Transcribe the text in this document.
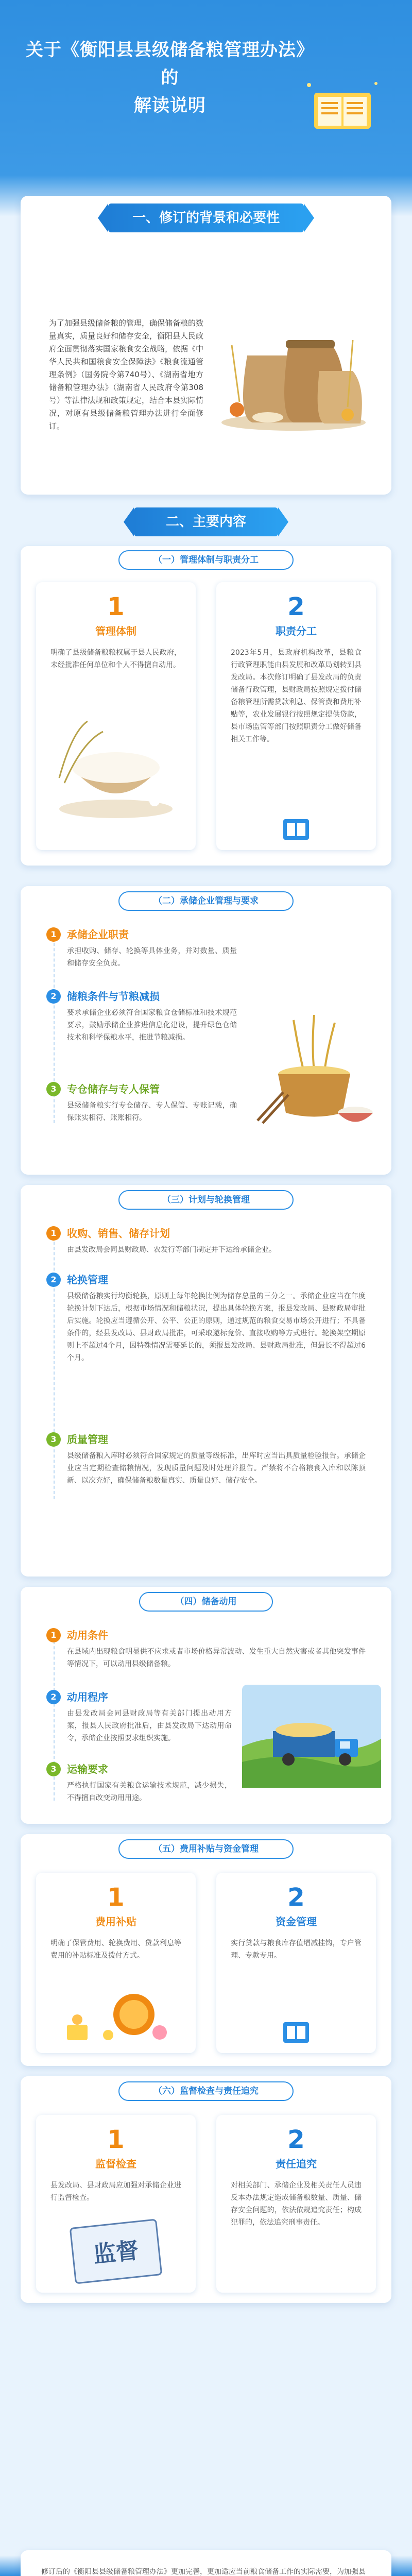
关于《衡阳县县级储备粮管理办法》的
解读说明
一、修订的背景和必要性
为了加强县级储备粮的管理，确保储备粮的数量真实，质量良好和储存安全，衡阳县人民政府全面贯彻落实国家粮食安全战略，依据《中华人民共和国粮食安全保障法》《粮食流通管理条例》（国务院令第740号）、《湖南省地方储备粮管理办法》（湖南省人民政府令第308号）等法律法规和政策规定，结合本县实际情况，对原有县级储备粮管理办法进行全面修订。
二、主要内容
（一）管理体制与职责分工
1
管理体制
明确了县级储备粮粮权属于县人民政府，未经批准任何单位和个人不得擅自动用。
2
职责分工
2023年5月，县政府机构改革，县粮食行政管理职能由县发展和改革局划转到县发改局。本次修订明确了县发改局的负责储备行政管理，县财政局按照规定拨付储备粮管理所需贷款利息、保管费和费用补贴等，农业发展银行按照规定提供贷款，县市场监管等部门按照职责分工做好储备相关工作等。
（二）承储企业管理与要求
1	承储企业职责
承担收购、储存、轮换等具体业务，并对数量、质量和储存安全负责。
2	储粮条件与节粮减损
要求承储企业必须符合国家粮食仓储标准和技术规范要求，鼓励承储企业推进信息化建设，提升绿色仓储技术和科学保粮水平，推进节粮减损。
3	专仓储存与专人保管
县级储备粮实行专仓储存、专人保管、专账记载，确保账实相符、账账相符。
（三）计划与轮换管理
1	收购、销售、储存计划
由县发改局会同县财政局、农发行等部门制定并下达给承储企业。
2	轮换管理
县级储备粮实行均衡轮换，原则上每年轮换比例为储存总量的三分之一。承储企业应当在年度轮换计划下达后，根据市场情况和储粮状况，提出具体轮换方案，报县发改局、县财政局审批后实施。轮换应当遵循公开、公平、公正的原则，通过规范的粮食交易市场公开进行；不具备条件的，经县发改局、县财政局批准，可采取邀标竞价、直接收购等方式进行。轮换架空期原则上不超过4个月，因特殊情况需要延长的，须报县发改局、县财政局批准，但最长不得超过6个月。
3	质量管理
县级储备粮入库时必须符合国家规定的质量等级标准，出库时应当出具质量检验报告。承储企业应当定期检查储粮情况，发现质量问题及时处理并报告。严禁将不合格粮食入库和以陈顶新、以次充好，确保储备粮数量真实、质量良好、储存安全。
（四）储备动用
1	动用条件
在县域内出现粮食明显供不应求或者市场价格异常波动、发生重大自然灾害或者其他突发事件等情况下，可以动用县级储备粮。
2	动用程序
由县发改局会同县财政局等有关部门提出动用方案，报县人民政府批准后，由县发改局下达动用命令，承储企业按照要求组织实施。
3	运输要求
严格执行国家有关粮食运输技术规范，减少损失，不得擅自改变动用用途。
（五）费用补贴与资金管理
1
费用补贴
明确了保管费用、轮换费用、贷款利息等费用的补贴标准及拨付方式。
2
资金管理
实行贷款与粮食库存值增减挂钩，专户管理、专款专用。
（六）监督检查与责任追究
1
监督检查
县发改局、县财政局应加强对承储企业进行监督检查。
监督
2
责任追究
对相关部门、承储企业及相关责任人员违反本办法规定造成储备粮数量、质量、储存安全问题的，依法依规追究责任；构成犯罪的，依法追究刑事责任。
修订后的《衡阳县县级储备粮管理办法》更加完善，更加适应当前粮食储备工作的实际需要，为加强县
